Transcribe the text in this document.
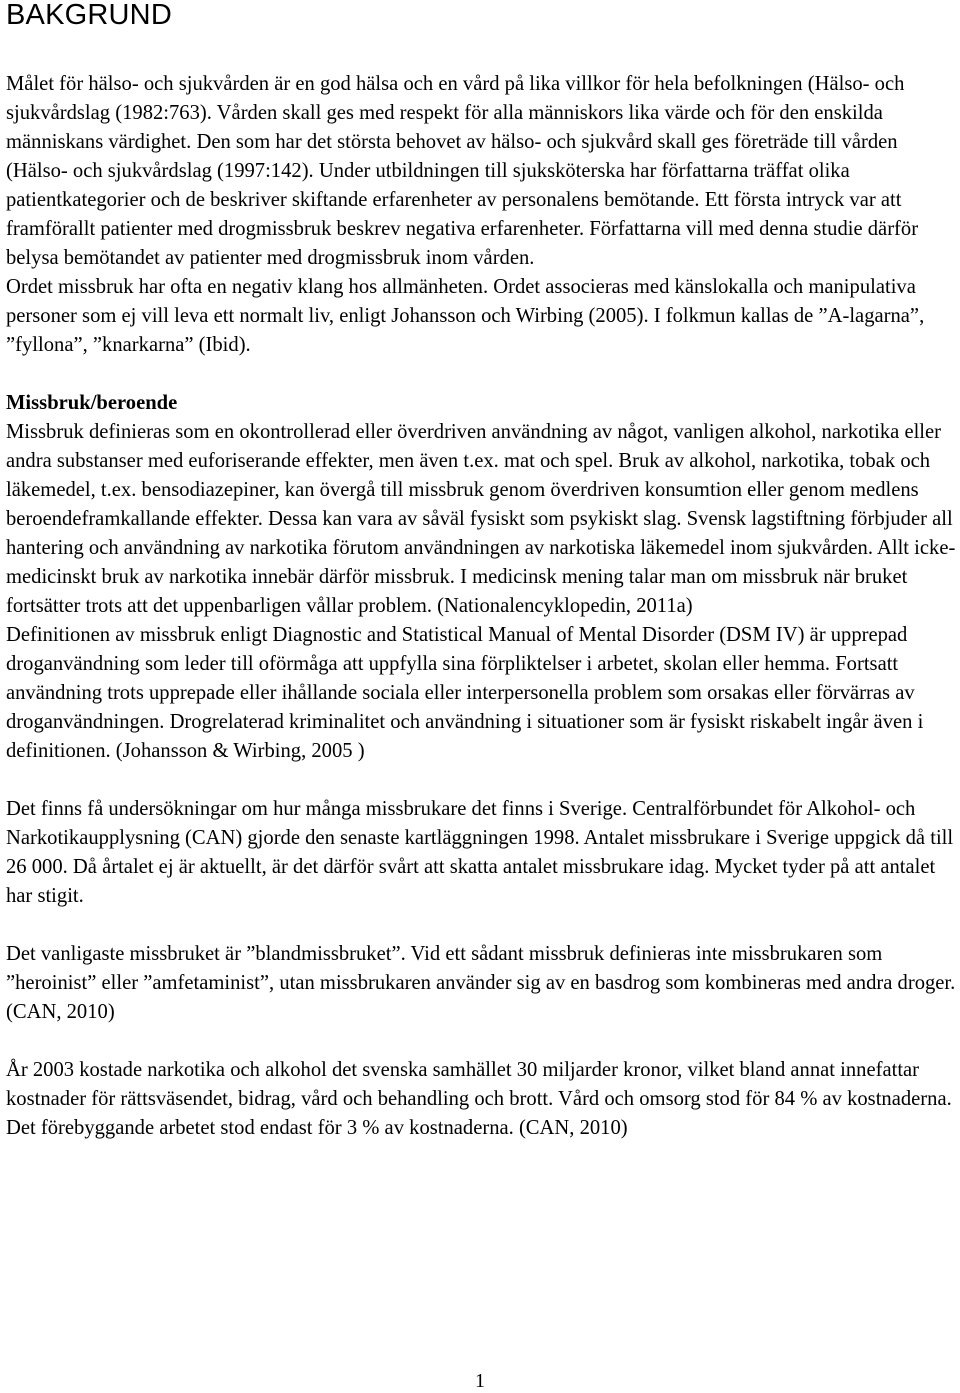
BAKGRUND

Målet för hälso- och sjukvården är en god hälsa och en vård på lika villkor för hela befolkningen (Hälso- och sjukvårdslag (1982:763). Vården skall ges med respekt för alla människors lika värde och för den enskilda människans värdighet. Den som har det största behovet av hälso- och sjukvård skall ges företräde till vården (Hälso- och sjukvårdslag (1997:142). Under utbildningen till sjuksköterska har författarna träffat olika patientkategorier och de beskriver skiftande erfarenheter av personalens bemötande. Ett första intryck var att framförallt patienter med drogmissbruk beskrev negativa erfarenheter. Författarna vill med denna studie därför belysa bemötandet av patienter med drogmissbruk inom vården.

Ordet missbruk har ofta en negativ klang hos allmänheten. Ordet associeras med känslokalla och manipulativa personer som ej vill leva ett normalt liv, enligt Johansson och Wirbing (2005). I folkmun kallas de ”A-lagarna”, ”fyllona”, ”knarkarna” (Ibid).

Missbruk/beroende

Missbruk definieras som en okontrollerad eller överdriven användning av något, vanligen alkohol, narkotika eller andra substanser med euforiserande effekter, men även t.ex. mat och spel. Bruk av alkohol, narkotika, tobak och läkemedel, t.ex. bensodiazepiner, kan övergå till missbruk genom överdriven konsumtion eller genom medlens beroendeframkallande effekter. Dessa kan vara av såväl fysiskt som psykiskt slag. Svensk lagstiftning förbjuder all hantering och användning av narkotika förutom användningen av narkotiska läkemedel inom sjukvården. Allt icke-medicinskt bruk av narkotika innebär därför missbruk. I medicinsk mening talar man om missbruk när bruket fortsätter trots att det uppenbarligen vållar problem. (Nationalencyklopedin, 2011a)

Definitionen av missbruk enligt Diagnostic and Statistical Manual of Mental Disorder (DSM IV) är upprepad droganvändning som leder till oförmåga att uppfylla sina förpliktelser i arbetet, skolan eller hemma. Fortsatt användning trots upprepade eller ihållande sociala eller interpersonella problem som orsakas eller förvärras av droganvändningen. Drogrelaterad kriminalitet och användning i situationer som är fysiskt riskabelt ingår även i definitionen. (Johansson & Wirbing, 2005 )

Det finns få undersökningar om hur många missbrukare det finns i Sverige. Centralförbundet för Alkohol- och Narkotikaupplysning (CAN) gjorde den senaste kartläggningen 1998. Antalet missbrukare i Sverige uppgick då till 26 000. Då årtalet ej är aktuellt, är det därför svårt att skatta antalet missbrukare idag. Mycket tyder på att antalet har stigit.

Det vanligaste missbruket är ”blandmissbruket”. Vid ett sådant missbruk definieras inte missbrukaren som ”heroinist” eller ”amfetaminist”, utan missbrukaren använder sig av en basdrog som kombineras med andra droger. (CAN, 2010)

År 2003 kostade narkotika och alkohol det svenska samhället 30 miljarder kronor, vilket bland annat innefattar kostnader för rättsväsendet, bidrag, vård och behandling och brott. Vård och omsorg stod för 84 % av kostnaderna. Det förebyggande arbetet stod endast för 3 % av kostnaderna. (CAN, 2010)

1
